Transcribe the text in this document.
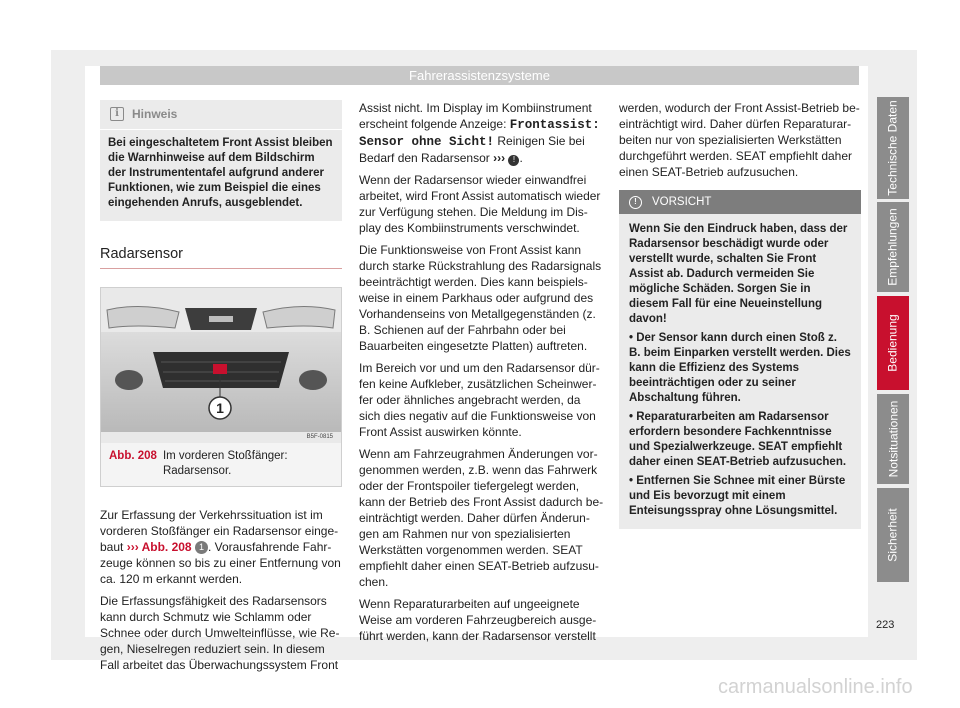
Fahrerassistenzsysteme
i	Hinweis
Bei eingeschaltetem Front Assist bleiben die Warnhinweise auf dem Bildschirm der Instrumententafel aufgrund anderer Funktionen, wie zum Beispiel die eines eingehenden Anrufs, ausgeblendet.
Radarsensor
1
B5F-0815
Abb. 208 Im vorderen Stoßfänger: Radarsensor.

Zur Erfassung der Verkehrssituation ist im vorderen Stoßfänger ein Radarsensor eingebaut ››› Abb. 208 1 . Vorausfahrende Fahrzeuge können so bis zu einer Entfernung von ca. 120 m erkannt werden.

Die Erfassungsfähigkeit des Radarsensors kann durch Schmutz wie Schlamm oder Schnee oder durch Umwelteinflüsse, wie Regen, Nieselregen reduziert sein. In diesem Fall arbeitet das Überwachungssystem Front

Assist nicht. Im Display im Kombiinstrument erscheint folgende Anzeige: Frontassist: Sensor ohne Sicht! Reinigen Sie bei Bedarf den Radarsensor ››› ! .

Wenn der Radarsensor wieder einwandfrei arbeitet, wird Front Assist automatisch wieder zur Verfügung stehen. Die Meldung im Display des Kombiinstruments verschwindet.

Die Funktionsweise von Front Assist kann durch starke Rückstrahlung des Radarsignals beeinträchtigt werden. Dies kann beispielsweise in einem Parkhaus oder aufgrund des Vorhandenseins von Metallgegenständen (z. B. Schienen auf der Fahrbahn oder bei Bauarbeiten eingesetzte Platten) auftreten.

Im Bereich vor und um den Radarsensor dürfen keine Aufkleber, zusätzlichen Scheinwerfer oder ähnliches angebracht werden, da sich dies negativ auf die Funktionsweise von Front Assist auswirken könnte.

Wenn am Fahrzeugrahmen Änderungen vorgenommen werden, z.B. wenn das Fahrwerk oder der Frontspoiler tiefergelegt werden, kann der Betrieb des Front Assist dadurch beeinträchtigt werden. Daher dürfen Änderungen am Rahmen nur von spezialisierten Werkstätten vorgenommen werden. SEAT empfiehlt daher einen SEAT-Betrieb aufzusuchen.

Wenn Reparaturarbeiten auf ungeeignete Weise am vorderen Fahrzeugbereich ausgeführt werden, kann der Radarsensor verstellt

werden, wodurch der Front Assist-Betrieb beeinträchtigt wird. Daher dürfen Reparaturarbeiten nur von spezialisierten Werkstätten durchgeführt werden. SEAT empfiehlt daher einen SEAT-Betrieb aufzusuchen.

!	VORSICHT
Wenn Sie den Eindruck haben, dass der Radarsensor beschädigt wurde oder verstellt wurde, schalten Sie Front Assist ab. Dadurch vermeiden Sie mögliche Schäden. Sorgen Sie in diesem Fall für eine Neueinstellung davon!
• Der Sensor kann durch einen Stoß z. B. beim Einparken verstellt werden. Dies kann die Effizienz des Systems beeinträchtigen oder zu seiner Abschaltung führen.
• Reparaturarbeiten am Radarsensor erfordern besondere Fachkenntnisse und Spezialwerkzeuge. SEAT empfiehlt daher einen SEAT-Betrieb aufzusuchen.
• Entfernen Sie Schnee mit einer Bürste und Eis bevorzugt mit einem Enteisungsspray ohne Lösungsmittel.
Technische Daten
Empfehlungen
Bedienung
Notsituationen
Sicherheit
223
carmanualsonline.info
